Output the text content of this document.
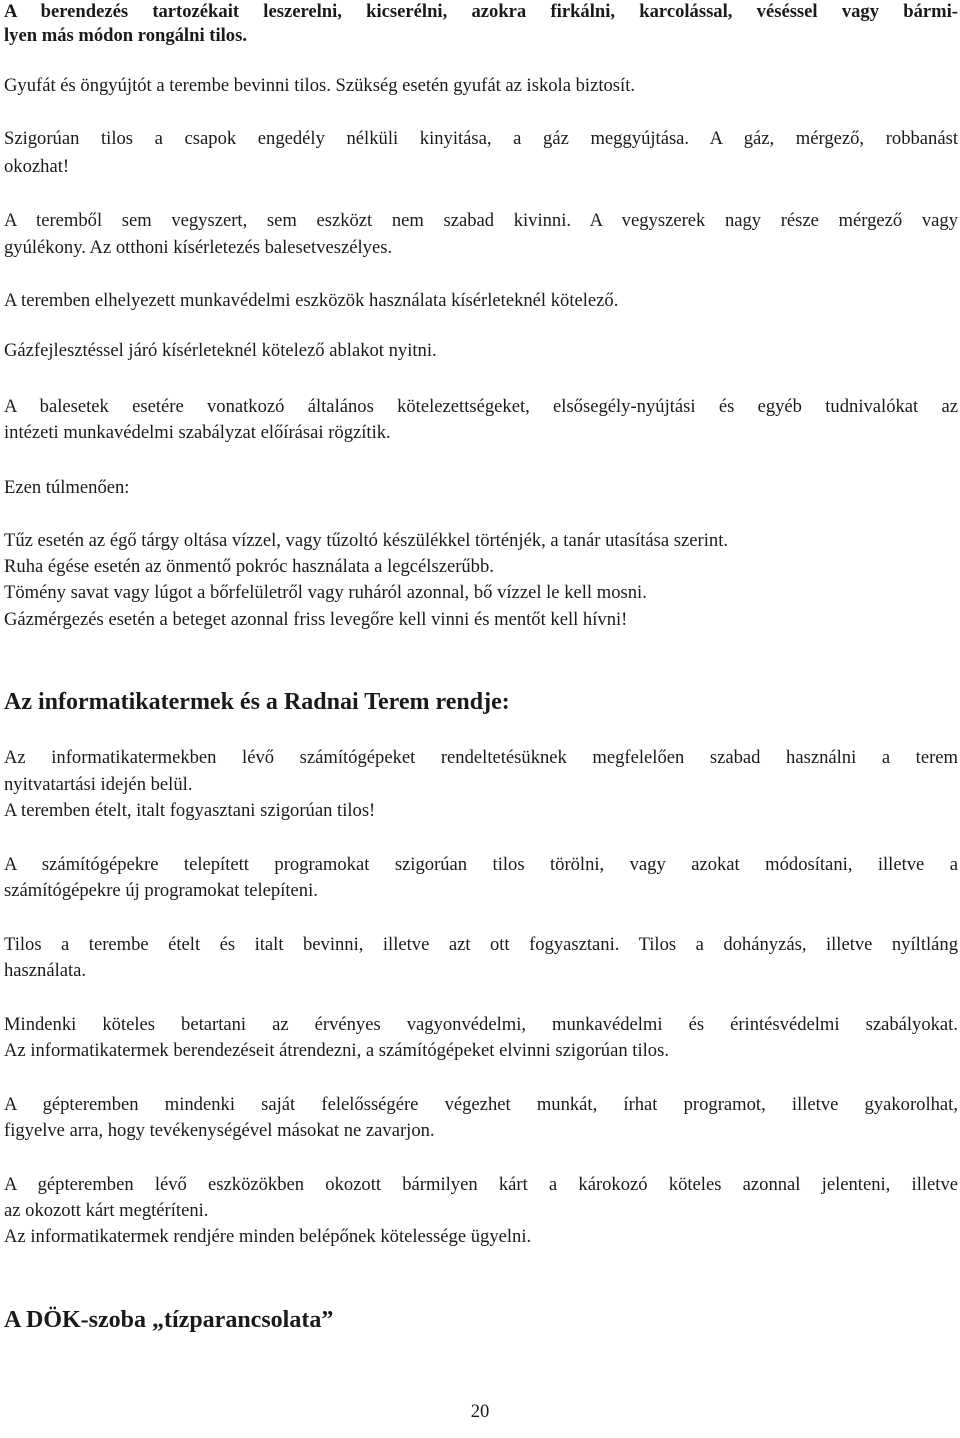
A berendezés tartozékait leszerelni, kicserélni, azokra firkálni, karcolással, véséssel vagy bármi-
lyen más módon rongálni tilos.
Gyufát és öngyújtót a terembe bevinni tilos. Szükség esetén gyufát az iskola biztosít.
Szigorúan tilos a csapok engedély nélküli kinyitása, a gáz meggyújtása. A gáz, mérgező, robbanást
okozhat!
A teremből sem vegyszert, sem eszközt nem szabad kivinni. A vegyszerek nagy része mérgező vagy
gyúlékony. Az otthoni kísérletezés balesetveszélyes.
A teremben elhelyezett munkavédelmi eszközök használata kísérleteknél kötelező.
Gázfejlesztéssel járó kísérleteknél kötelező ablakot nyitni.
A balesetek esetére vonatkozó általános kötelezettségeket, elsősegély-nyújtási és egyéb tudnivalókat az
intézeti munkavédelmi szabályzat előírásai rögzítik.
Ezen túlmenően:
Tűz esetén az égő tárgy oltása vízzel, vagy tűzoltó készülékkel történjék, a tanár utasítása szerint.
Ruha égése esetén az önmentő pokróc használata a legcélszerűbb.
Tömény savat vagy lúgot a bőrfelületről vagy ruháról azonnal, bő vízzel le kell mosni.
Gázmérgezés esetén a beteget azonnal friss levegőre kell vinni és mentőt kell hívni!
Az informatikatermek és a Radnai Terem rendje:
Az informatikatermekben lévő számítógépeket rendeltetésüknek megfelelően szabad használni a terem
nyitvatartási idején belül.
A teremben ételt, italt fogyasztani szigorúan tilos!
A számítógépekre telepített programokat szigorúan tilos törölni, vagy azokat módosítani, illetve a
számítógépekre új programokat telepíteni.
Tilos a terembe ételt és italt bevinni, illetve azt ott fogyasztani. Tilos a dohányzás, illetve nyíltláng
használata.
Mindenki köteles betartani az érvényes vagyonvédelmi, munkavédelmi és érintésvédelmi szabályokat.
Az informatikatermek berendezéseit átrendezni, a számítógépeket elvinni szigorúan tilos.
A gépteremben mindenki saját felelősségére végezhet munkát, írhat programot, illetve gyakorolhat,
figyelve arra, hogy tevékenységével másokat ne zavarjon.
A gépteremben lévő eszközökben okozott bármilyen kárt a károkozó köteles azonnal jelenteni, illetve
az okozott kárt megtéríteni.
Az informatikatermek rendjére minden belépőnek kötelessége ügyelni.
A DÖK-szoba „tízparancsolata”
20
